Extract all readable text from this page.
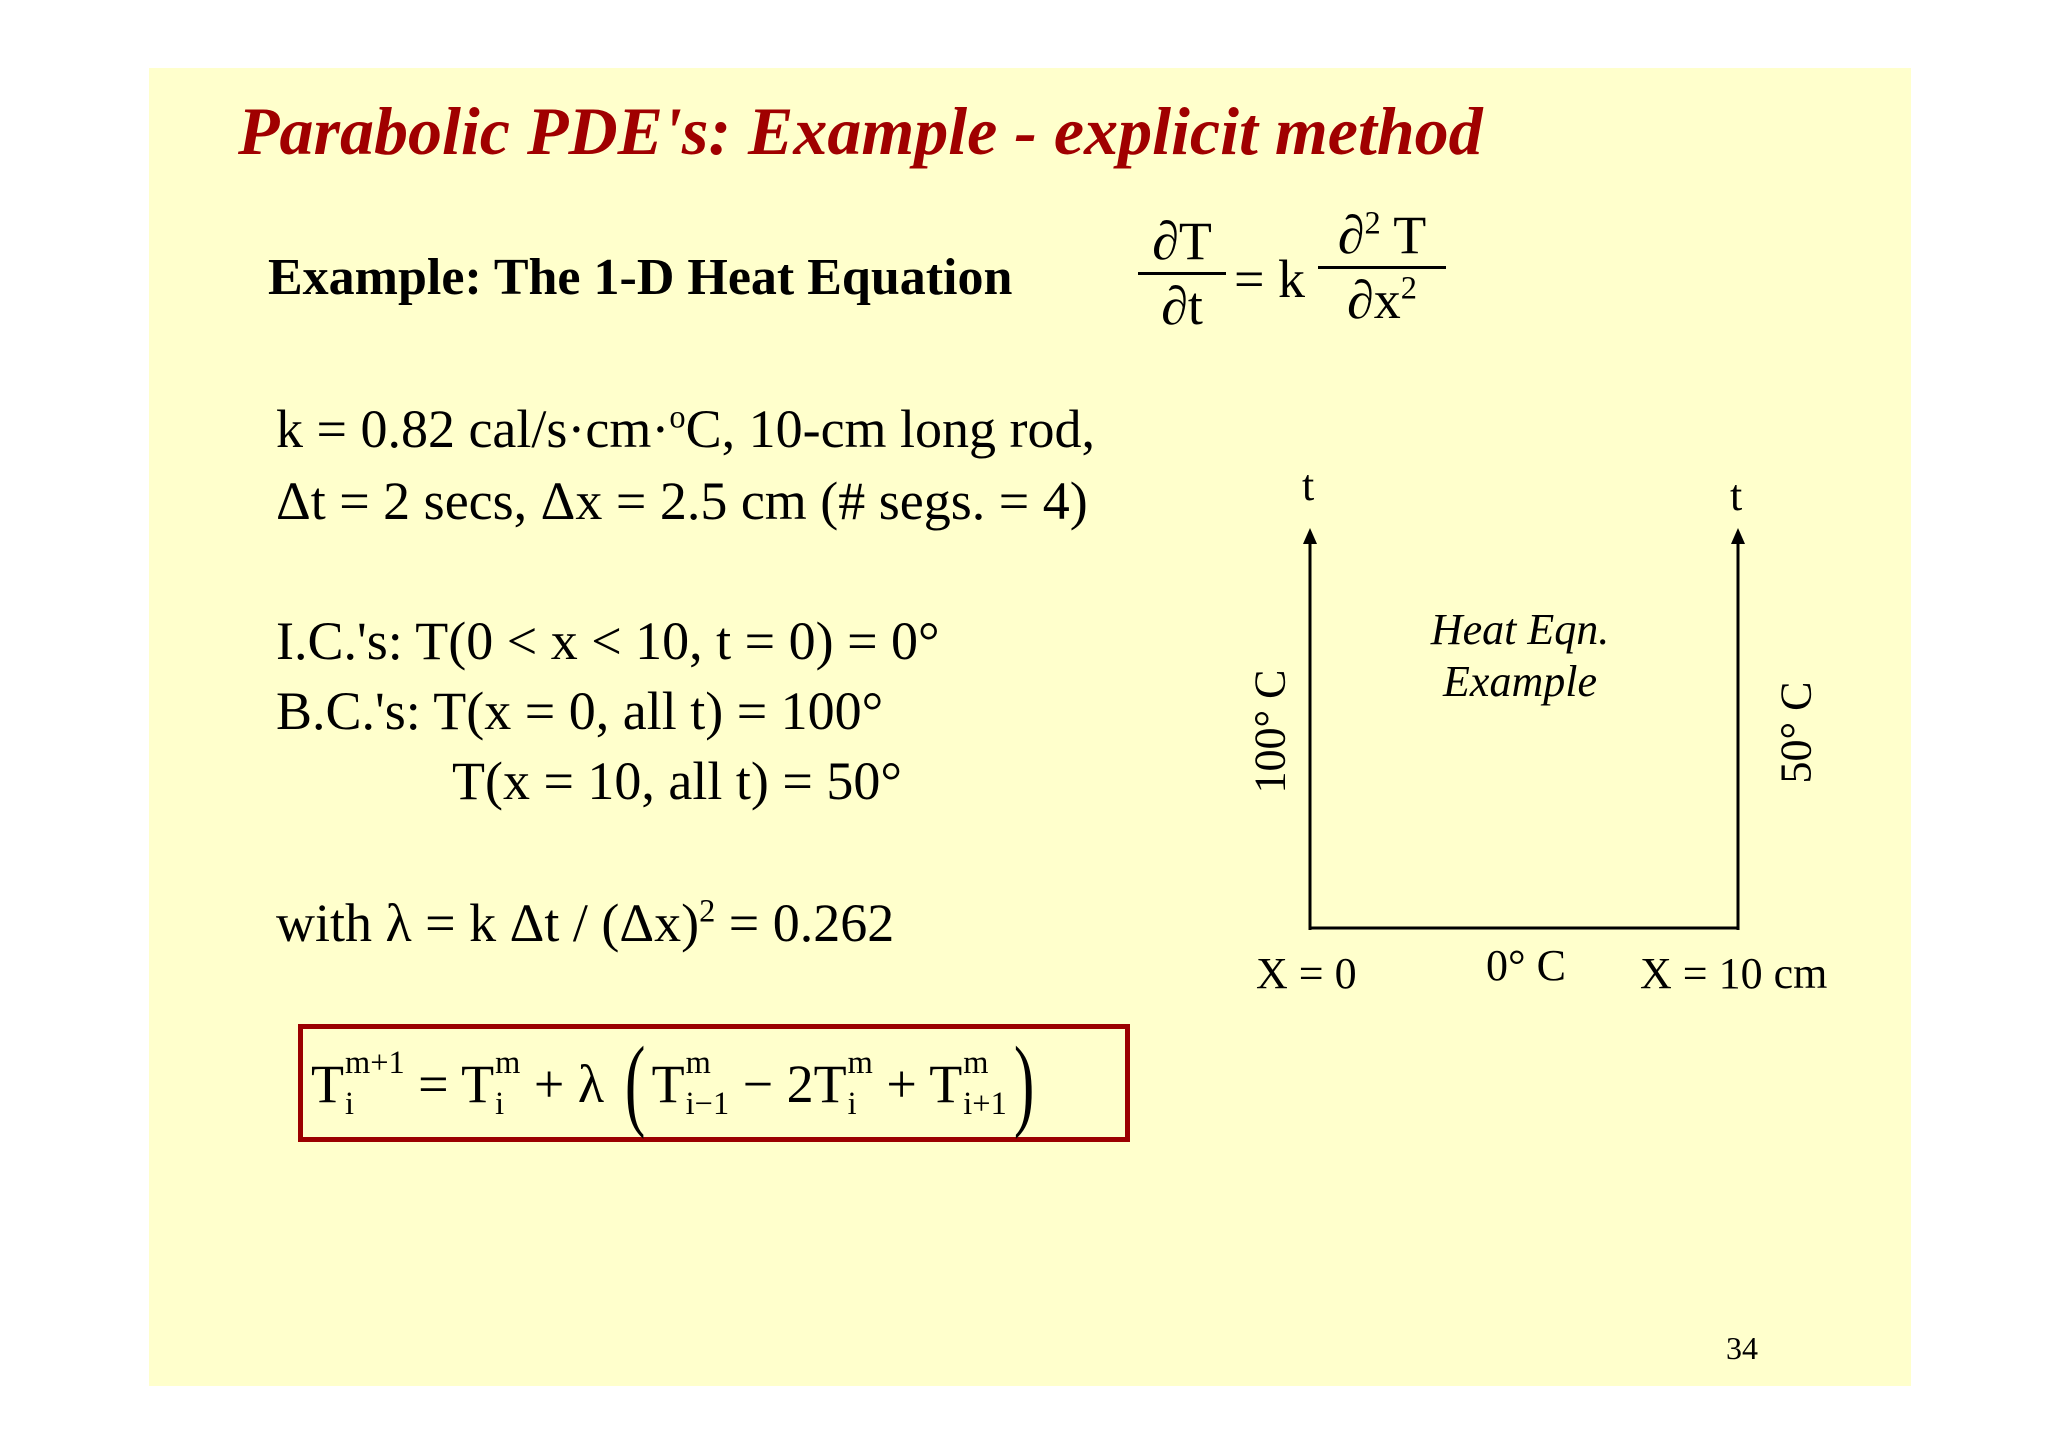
Parabolic PDE's: Example - explicit method
Example: The 1-D Heat Equation
∂T
∂t = k
∂$^2$ T
$\partial x^2$
k = 0.82 cal/s·cm·$^o$C, 10-cm long rod,
Δt = 2 secs, Δx = 2.5 cm (# segs. = 4)
I.C.'s: T(0 < x < 10, t = 0) = 0°
B.C.'s: T(x = 0, all t) = 100°
T(x = 10, all t) = 50°
with λ = k $\Delta t / (\Delta x)^2 = 0.262$
T m+1
i = T m
i + λ ( T m
i−1 − 2T m
i + T m
i+1 )
t	t
100° C	50° C
Heat Eqn.
Example
X = 0	0° C X = 10 cm
34
